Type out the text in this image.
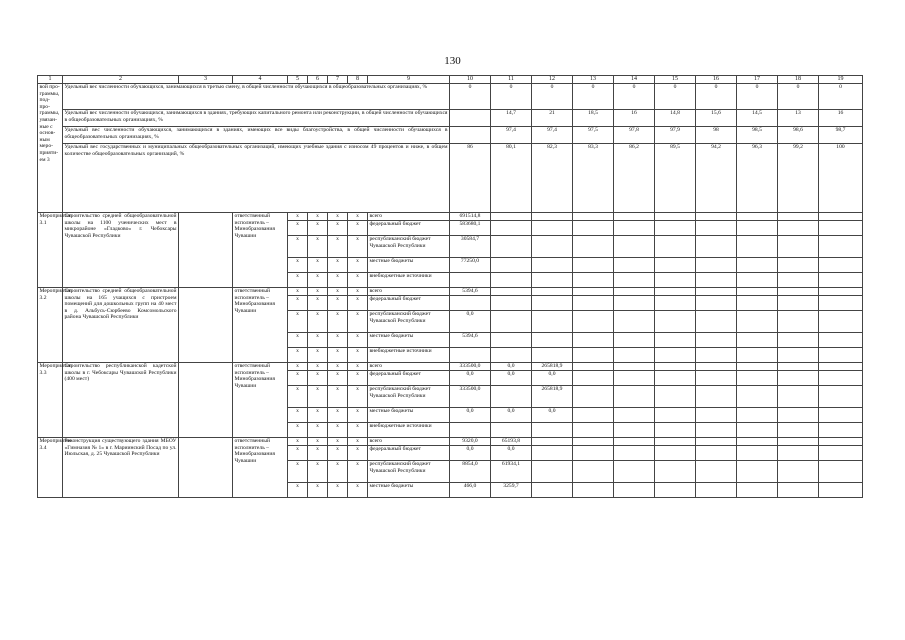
130
1	2	3	4	5	6	7	8	9	10	11	12	13	14	15	16	17	18	19
вой про- граммы, под- про- граммы, увязан- ные с основ- ным меро- прияти- ем 3	Удельный вес численности обучающихся, занимающихся в третью смену, в общей численности обучающихся в общеобразовательных организациях, %								0	0	0	0	0	0	0	0	0	0
	Удельный вес численности обучающихся, занимающихся в зданиях, требующих капитального ремонта или реконструкции, в общей численности обучающихся в общеобразовательных организациях, %									14,7	21	18,5	16	14,8	15,6	14,5	13	16
	Удельный вес численности обучающихся, занимающихся в зданиях, имеющих все виды благоустройства, в общей численности обучающихся в общеобразовательных организациях, %									97,4	97,4	97,5	97,8	97,9	98	98,5	98,6	98,7
	Удельный вес государственных и муниципальных общеобразовательных организаций, имеющих учебные здания с износом 49 процентов и ниже, в общем количестве общеобразовательных организаций, %								86	80,1	82,3	83,3	86,2	89,5	94,2	96,3	99,2	100
Мероприятие 3.1	Строительство средней общеобразовательной школы на 1100 ученических мест в микрорайоне «Гладково» г. Чебоксары Чувашской Республики		ответственный исполнитель – Минобразования Чувашии	x	x	x	x	всего	691514,8									
				x	x	x	x	федеральный бюджет	583680,1									
				x	x	x	x	республиканский бюджет Чувашской Республики	30584,7									
				x	x	x	x	местные бюджеты	77250,0									
				x	x	x	x	внебюджетные источники										
Мероприятие 3.2	Строительство средней общеобразовательной школы на 165 учащихся с пристроем помещений для дошкольных групп на 40 мест в д. Альбусь-Сюрбеево Комсомольского района Чувашской Республики		ответственный исполнитель – Минобразования Чувашии	x	x	x	x	всего	5394,6									
				x	x	x	x	федеральный бюджет										
				x	x	x	x	республиканский бюджет Чувашской Республики	0,0									
				x	x	x	x	местные бюджеты	5394,6									
				x	x	x	x	внебюджетные источники										
Мероприятие 3.3	Строительство республиканской кадетской школы в г. Чебоксары Чувашской Республики (400 мест)		ответственный исполнитель – Минобразования Чувашии	x	x	x	x	всего	333500,0	0,0	265818,9							
				x	x	x	x	федеральный бюджет	0,0	0,0	0,0							
				x	x	x	x	республиканский бюджет Чувашской Республики	333500,0		265818,9							
				x	x	x	x	местные бюджеты	0,0	0,0	0,0							
				x	x	x	x	внебюджетные источники										
Мероприятие 3.4	Реконструкция существующего здания МБОУ «Гимназия № 1» в г. Мариинский Посад по ул. Июльская, д. 25 Чувашской Республики		ответственный исполнитель – Минобразования Чувашии	x	x	x	x	всего	9320,0	65193,8								
				x	x	x	x	федеральный бюджет	0,0	0,0								
				x	x	x	x	республиканский бюджет Чувашской Республики	8854,0	61934,1								
				x	x	x	x	местные бюджеты	466,0	3259,7								
